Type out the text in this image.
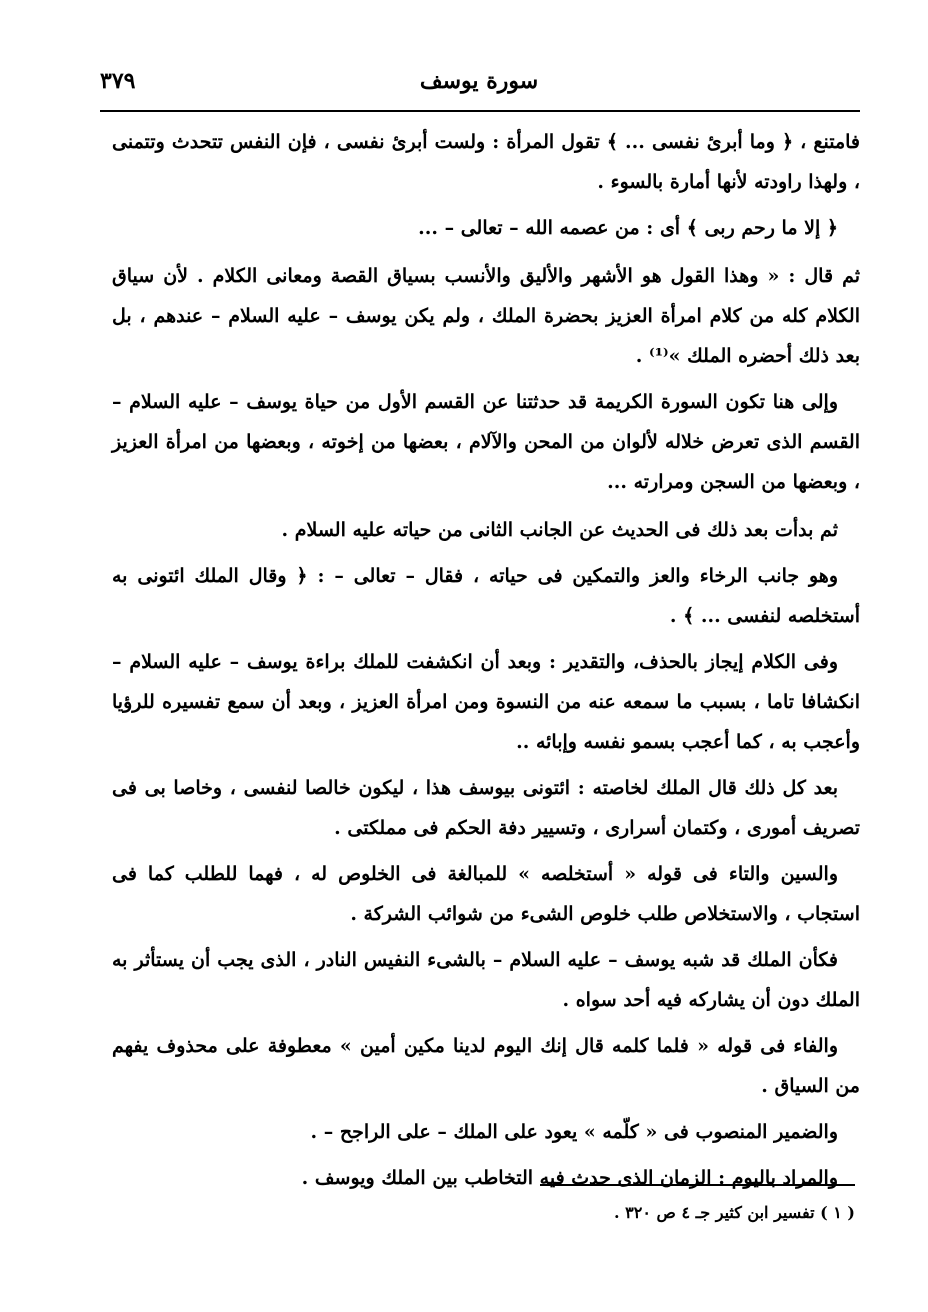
٣٧٩	سورة يوسف

فامتنع ، ﴿ وما أبرئ نفسى ... ﴾ تقول المرأة : ولست أبرئ نفسى ، فإن النفس تتحدث وتتمنى ، ولهذا راودته لأنها أمارة بالسوء .

﴿ إلا ما رحم ربى ﴾ أى : من عصمه الله – تعالى – ...

ثم قال : « وهذا القول هو الأشهر والأليق والأنسب بسياق القصة ومعانى الكلام . لأن سياق الكلام كله من كلام امرأة العزيز بحضرة الملك ، ولم يكن يوسف – عليه السلام – عندهم ، بل بعد ذلك أحضره الملك »⁽¹⁾ .

وإلى هنا تكون السورة الكريمة قد حدثتنا عن القسم الأول من حياة يوسف – عليه السلام – القسم الذى تعرض خلاله لألوان من المحن والآلام ، بعضها من إخوته ، وبعضها من امرأة العزيز ، وبعضها من السجن ومرارته ...

ثم بدأت بعد ذلك فى الحديث عن الجانب الثانى من حياته عليه السلام .

وهو جانب الرخاء والعز والتمكين فى حياته ، فقال – تعالى – : ﴿ وقال الملك ائتونى به أستخلصه لنفسى ... ﴾ .

وفى الكلام إيجاز بالحذف، والتقدير : وبعد أن انكشفت للملك براءة يوسف – عليه السلام – انكشافا تاما ، بسبب ما سمعه عنه من النسوة ومن امرأة العزيز ، وبعد أن سمع تفسيره للرؤيا وأعجب به ، كما أعجب بسمو نفسه وإبائه ..

بعد كل ذلك قال الملك لخاصته : ائتونى بيوسف هذا ، ليكون خالصا لنفسى ، وخاصا بى فى تصريف أمورى ، وكتمان أسرارى ، وتسيير دفة الحكم فى مملكتى .

والسين والتاء فى قوله « أستخلصه » للمبالغة فى الخلوص له ، فهما للطلب كما فى استجاب ، والاستخلاص طلب خلوص الشىء من شوائب الشركة .

فكأن الملك قد شبه يوسف – عليه السلام – بالشىء النفيس النادر ، الذى يجب أن يستأثر به الملك دون أن يشاركه فيه أحد سواه .

والفاء فى قوله « فلما كلمه قال إنك اليوم لدينا مكين أمين » معطوفة على محذوف يفهم من السياق .

والضمير المنصوب فى « كلّمه » يعود على الملك – على الراجح – .

والمراد باليوم : الزمان الذى حدث فيه التخاطب بين الملك ويوسف .

( ١ ) تفسير ابن كثير جـ ٤ ص ٣٢٠ .
